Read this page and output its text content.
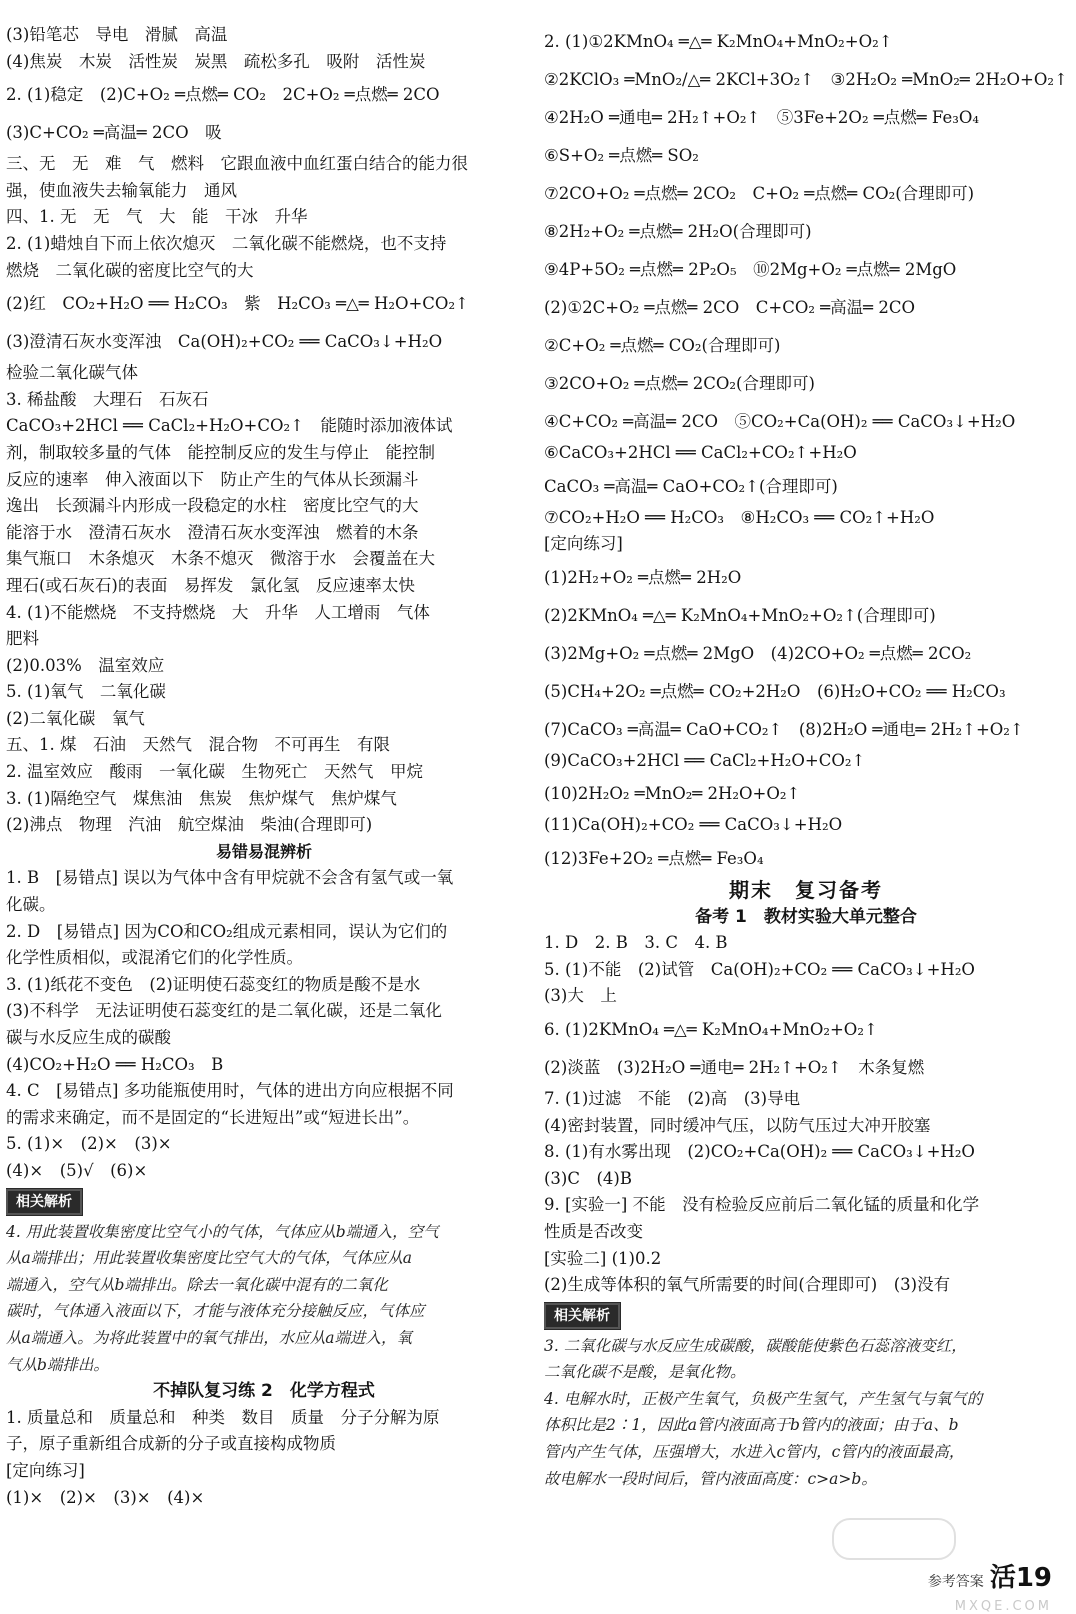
(3)铅笔芯　导电　滑腻　高温
(4)焦炭　木炭　活性炭　炭黑　疏松多孔　吸附　活性炭
2. (1)稳定　(2)C+O₂ ═点燃═ CO₂　2C+O₂ ═点燃═ 2CO
(3)C+CO₂ ═高温═ 2CO　吸
三、无　无　难　气　燃料　它跟血液中血红蛋白结合的能力很
强，使血液失去输氧能力　通风
四、1. 无　无　气　大　能　干冰　升华
2. (1)蜡烛自下而上依次熄灭　二氧化碳不能燃烧，也不支持
燃烧　二氧化碳的密度比空气的大
(2)红　CO₂+H₂O ══ H₂CO₃　紫　H₂CO₃ ═△═ H₂O+CO₂↑
(3)澄清石灰水变浑浊　Ca(OH)₂+CO₂ ══ CaCO₃↓+H₂O
检验二氧化碳气体
3. 稀盐酸　大理石　石灰石
CaCO₃+2HCl ══ CaCl₂+H₂O+CO₂↑　能随时添加液体试
剂，制取较多量的气体　能控制反应的发生与停止　能控制
反应的速率　伸入液面以下　防止产生的气体从长颈漏斗
逸出　长颈漏斗内形成一段稳定的水柱　密度比空气的大
能溶于水　澄清石灰水　澄清石灰水变浑浊　燃着的木条
集气瓶口　木条熄灭　木条不熄灭　微溶于水　会覆盖在大
理石(或石灰石)的表面　易挥发　氯化氢　反应速率太快
4. (1)不能燃烧　不支持燃烧　大　升华　人工增雨　气体
肥料
(2)0.03%　温室效应
5. (1)氧气　二氧化碳
(2)二氧化碳　氧气
五、1. 煤　石油　天然气　混合物　不可再生　有限
2. 温室效应　酸雨　一氧化碳　生物死亡　天然气　甲烷
3. (1)隔绝空气　煤焦油　焦炭　焦炉煤气　焦炉煤气
(2)沸点　物理　汽油　航空煤油　柴油(合理即可)
易错易混辨析
1. B　[易错点] 误以为气体中含有甲烷就不会含有氢气或一氧
化碳。
2. D　[易错点] 因为CO和CO₂组成元素相同，误认为它们的
化学性质相似，或混淆它们的化学性质。
3. (1)纸花不变色　(2)证明使石蕊变红的物质是酸不是水
(3)不科学　无法证明使石蕊变红的是二氧化碳，还是二氧化
碳与水反应生成的碳酸
(4)CO₂+H₂O ══ H₂CO₃　B
4. C　[易错点] 多功能瓶使用时，气体的进出方向应根据不同
的需求来确定，而不是固定的“长进短出”或“短进长出”。
5. (1)×　(2)×　(3)×
(4)×　(5)√　(6)×
相关解析
4. 用此装置收集密度比空气小的气体，气体应从b端通入，空气
从a端排出；用此装置收集密度比空气大的气体，气体应从a
端通入，空气从b端排出。除去一氧化碳中混有的二氧化
碳时，气体通入液面以下，才能与液体充分接触反应，气体应
从a端通入。为将此装置中的氧气排出，水应从a端进入，氧
气从b端排出。
不掉队复习练 2　化学方程式
1. 质量总和　质量总和　种类　数目　质量　分子分解为原
子，原子重新组合成新的分子或直接构成物质
[定向练习]
(1)×　(2)×　(3)×　(4)×
2. (1)①2KMnO₄ ═△═ K₂MnO₄+MnO₂+O₂↑
②2KClO₃ ═MnO₂/△═ 2KCl+3O₂↑　③2H₂O₂ ═MnO₂═ 2H₂O+O₂↑
④2H₂O ═通电═ 2H₂↑+O₂↑　⑤3Fe+2O₂ ═点燃═ Fe₃O₄
⑥S+O₂ ═点燃═ SO₂
⑦2CO+O₂ ═点燃═ 2CO₂　C+O₂ ═点燃═ CO₂(合理即可)
⑧2H₂+O₂ ═点燃═ 2H₂O(合理即可)
⑨4P+5O₂ ═点燃═ 2P₂O₅　⑩2Mg+O₂ ═点燃═ 2MgO
(2)①2C+O₂ ═点燃═ 2CO　C+CO₂ ═高温═ 2CO
②C+O₂ ═点燃═ CO₂(合理即可)
③2CO+O₂ ═点燃═ 2CO₂(合理即可)
④C+CO₂ ═高温═ 2CO　⑤CO₂+Ca(OH)₂ ══ CaCO₃↓+H₂O
⑥CaCO₃+2HCl ══ CaCl₂+CO₂↑+H₂O
CaCO₃ ═高温═ CaO+CO₂↑(合理即可)
⑦CO₂+H₂O ══ H₂CO₃　⑧H₂CO₃ ══ CO₂↑+H₂O
[定向练习]
(1)2H₂+O₂ ═点燃═ 2H₂O
(2)2KMnO₄ ═△═ K₂MnO₄+MnO₂+O₂↑(合理即可)
(3)2Mg+O₂ ═点燃═ 2MgO　(4)2CO+O₂ ═点燃═ 2CO₂
(5)CH₄+2O₂ ═点燃═ CO₂+2H₂O　(6)H₂O+CO₂ ══ H₂CO₃
(7)CaCO₃ ═高温═ CaO+CO₂↑　(8)2H₂O ═通电═ 2H₂↑+O₂↑
(9)CaCO₃+2HCl ══ CaCl₂+H₂O+CO₂↑
(10)2H₂O₂ ═MnO₂═ 2H₂O+O₂↑
(11)Ca(OH)₂+CO₂ ══ CaCO₃↓+H₂O
(12)3Fe+2O₂ ═点燃═ Fe₃O₄
期末　复习备考
备考 1　教材实验大单元整合
1. D　2. B　3. C　4. B
5. (1)不能　(2)试管　Ca(OH)₂+CO₂ ══ CaCO₃↓+H₂O
(3)大　上
6. (1)2KMnO₄ ═△═ K₂MnO₄+MnO₂+O₂↑
(2)淡蓝　(3)2H₂O ═通电═ 2H₂↑+O₂↑　木条复燃
7. (1)过滤　不能　(2)高　(3)导电
(4)密封装置，同时缓冲气压，以防气压过大冲开胶塞
8. (1)有水雾出现　(2)CO₂+Ca(OH)₂ ══ CaCO₃↓+H₂O
(3)C　(4)B
9. [实验一] 不能　没有检验反应前后二氧化锰的质量和化学
性质是否改变
[实验二] (1)0.2
(2)生成等体积的氧气所需要的时间(合理即可)　(3)没有
相关解析
3. 二氧化碳与水反应生成碳酸，碳酸能使紫色石蕊溶液变红，
二氧化碳不是酸，是氧化物。
4. 电解水时，正极产生氧气，负极产生氢气，产生氢气与氧气的
体积比是2∶1，因此a管内液面高于b管内的液面；由于a、b
管内产生气体，压强增大，水进入c管内，c管内的液面最高，
故电解水一段时间后，管内液面高度：c>a>b。
参考答案 活19
MXQE.COM
